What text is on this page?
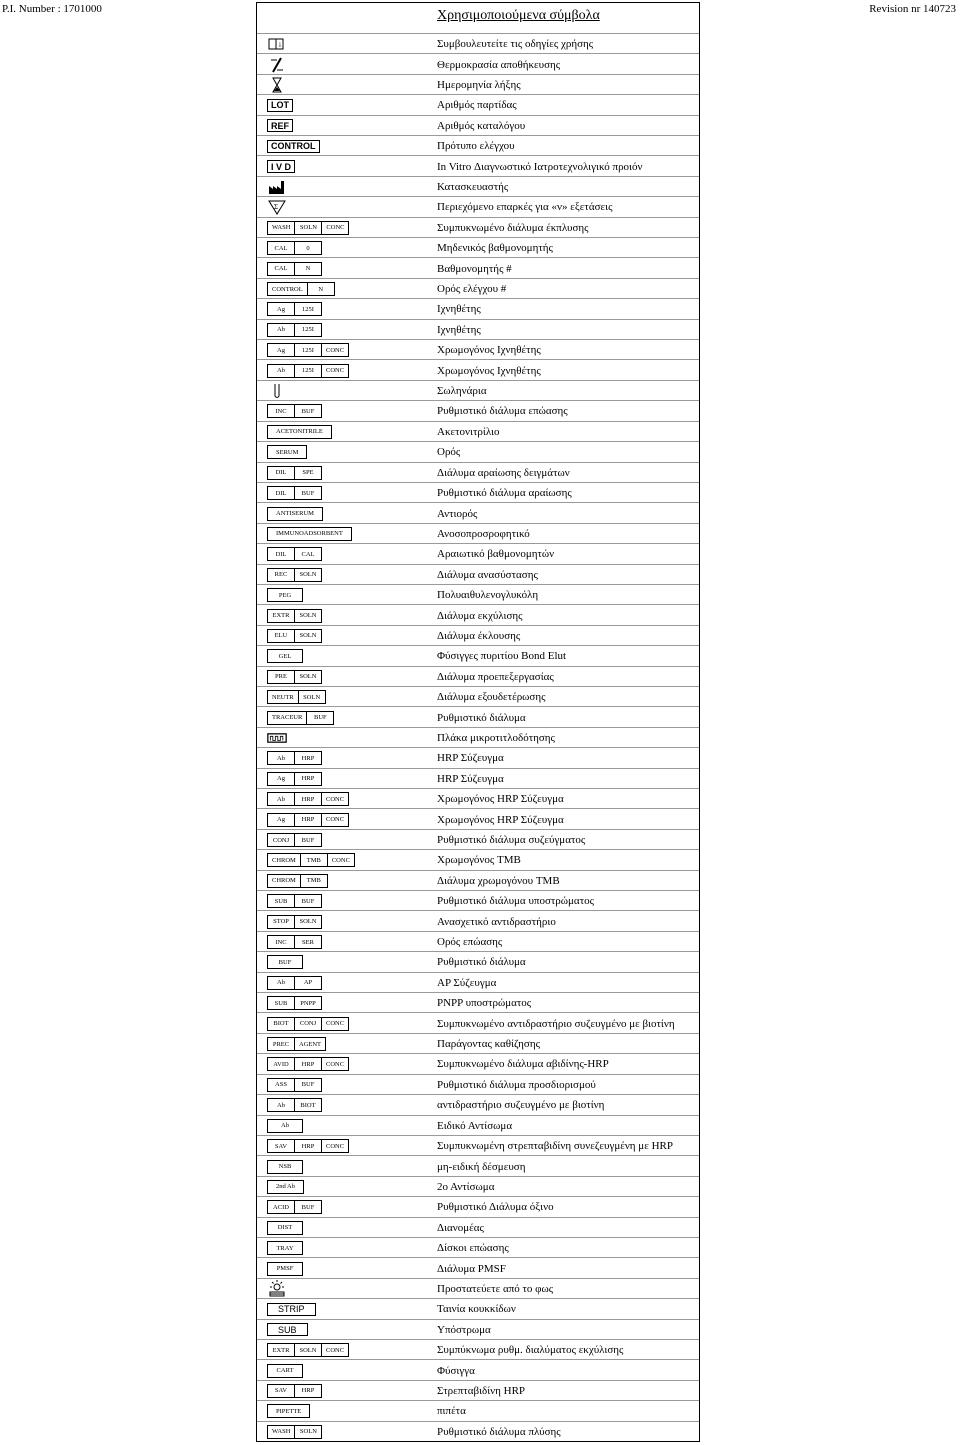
P.I. Number : 1701000	Revision nr 140723
Χρησιμοποιούμενα σύμβολα
i	Συμβουλευτείτε τις οδηγίες χρήσης
Θερμοκρασία αποθήκευσης
Ημερομηνία λήξης
LOT	Αριθμός παρτίδας
REF	Αριθμός καταλόγου
CONTROL	Πρότυπο ελέγχου
I V D	In Vitro Διαγνωστικό Ιατροτεχνολιγικό προιόν
Κατασκευαστής
Σ	Περιεχόμενο επαρκές για «ν» εξετάσεις
WASH	SOLN	CONC	Συμπυκνωμένο διάλυμα έκπλυσης
CAL	0	Μηδενικός βαθμονομητής
CAL	N	Βαθμονομητής #
CONTROL	N	Ορός ελέγχου #
Ag	125I	Ιχνηθέτης
Ab	125I	Ιχνηθέτης
Ag	125I	CONC	Χρωμογόνος Ιχνηθέτης
Ab	125I	CONC	Χρωμογόνος Ιχνηθέτης
Σωληνάρια
INC	BUF	Ρυθμιστικό διάλυμα επώασης
ACETONITRILE	Ακετονιτρίλιο
SERUM	Ορός
DIL	SPE	Διάλυμα αραίωσης δειγμάτων
DIL	BUF	Ρυθμιστικό διάλυμα αραίωσης
ANTISERUM	Αντιορός
IMMUNOADSORBENT	Ανοσοπροσροφητικό
DIL	CAL	Αραιωτικό βαθμονομητών
REC	SOLN	Διάλυμα ανασύστασης
PEG	Πολυαιθυλενογλυκόλη
EXTR	SOLN	Διάλυμα εκχύλισης
ELU	SOLN	Διάλυμα έκλουσης
GEL	Φύσιγγες πυριτίου Bond Elut
PRE	SOLN	Διάλυμα προεπεξεργασίας
NEUTR	SOLN	Διάλυμα εξουδετέρωσης
TRACEUR	BUF	Ρυθμιστικό διάλυμα
Πλάκα μικροτιτλοδότησης
Ab	HRP	HRP Σύζευγμα
Ag	HRP	HRP Σύζευγμα
Ab	HRP	CONC	Χρωμογόνος HRP Σύζευγμα
Ag	HRP	CONC	Χρωμογόνος HRP Σύζευγμα
CONJ	BUF	Ρυθμιστικό διάλυμα συζεύγματος
CHROM	TMB	CONC	Χρωμογόνος TMB
CHROM	TMB	Διάλυμα χρωμογόνου TMB
SUB	BUF	Ρυθμιστικό διάλυμα υποστρώματος
STOP	SOLN	Ανασχετικό αντιδραστήριο
INC	SER	Ορός επώασης
BUF	Ρυθμιστικό διάλυμα
Ab	AP	AP Σύζευγμα
SUB	PNPP	PNPP υποστρώματος
BIOT	CONJ	CONC	Συμπυκνωμένο αντιδραστήριο συζευγμένο με βιοτίνη
PREC	AGENT	Παράγοντας καθίζησης
AVID	HRP	CONC	Συμπυκνωμένο διάλυμα αβιδίνης-HRP
ASS	BUF	Ρυθμιστικό διάλυμα προσδιορισμού
Ab	BIOT	αντιδραστήριο συζευγμένο με βιοτίνη
Ab	Ειδικό Αντίσωμα
SAV	HRP	CONC	Συμπυκνωμένη στρεπταβιδίνη συνεζευγμένη με HRP
NSB	μη-ειδική δέσμευση
2nd Ab	2ο Αντίσωμα
ACID	BUF	Ρυθμιστικό Διάλυμα όξινο
DIST	Διανομέας
TRAY	Δίσκοι επώασης
PMSF	Διάλυμα PMSF
Προστατεύετε από το φως
STRIP	Ταινία κουκκίδων
SUB	Υπόστρωμα
EXTR	SOLN	CONC	Συμπύκνωμα ρυθμ. διαλύματος εκχύλισης
CART	Φύσιγγα
SAV	HRP	Στρεπταβιδίνη HRP
PIPETTE	πιπέτα
WASH	SOLN	Ρυθμιστικό διάλυμα πλύσης
